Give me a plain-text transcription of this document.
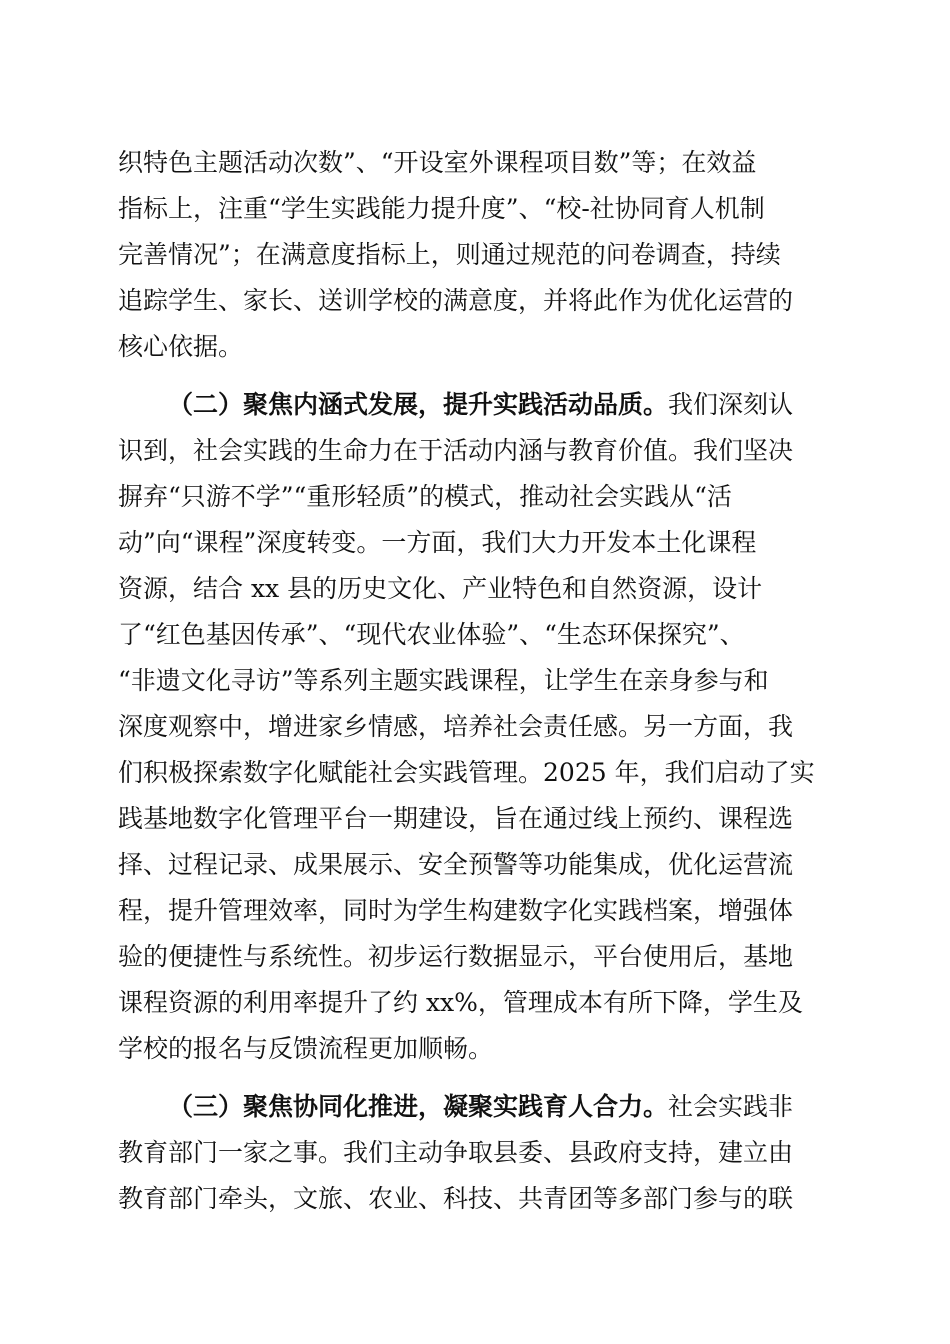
织特色主题活动次数”、“开设室外课程项目数”等；在效益
指标上，注重“学生实践能力提升度”、“校-社协同育人机制
完善情况”；在满意度指标上，则通过规范的问卷调查，持续
追踪学生、家长、送训学校的满意度，并将此作为优化运营的
核心依据。
（二）聚焦内涵式发展，提升实践活动品质。我们深刻认
识到，社会实践的生命力在于活动内涵与教育价值。我们坚决
摒弃“只游不学”“重形轻质”的模式，推动社会实践从“活
动”向“课程”深度转变。一方面，我们大力开发本土化课程
资源，结合 xx 县的历史文化、产业特色和自然资源，设计
了“红色基因传承”、“现代农业体验”、“生态环保探究”、
“非遗文化寻访”等系列主题实践课程，让学生在亲身参与和
深度观察中，增进家乡情感，培养社会责任感。另一方面，我
们积极探索数字化赋能社会实践管理。2025 年，我们启动了实
践基地数字化管理平台一期建设，旨在通过线上预约、课程选
择、过程记录、成果展示、安全预警等功能集成，优化运营流
程，提升管理效率，同时为学生构建数字化实践档案，增强体
验的便捷性与系统性。初步运行数据显示，平台使用后，基地
课程资源的利用率提升了约 xx%，管理成本有所下降，学生及
学校的报名与反馈流程更加顺畅。
（三）聚焦协同化推进，凝聚实践育人合力。社会实践非
教育部门一家之事。我们主动争取县委、县政府支持，建立由
教育部门牵头，文旅、农业、科技、共青团等多部门参与的联
